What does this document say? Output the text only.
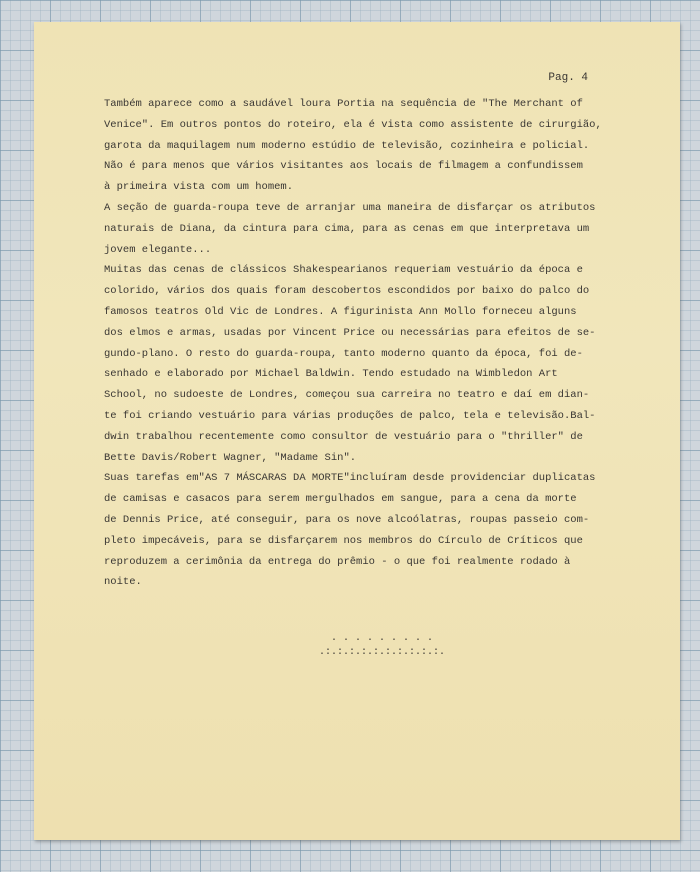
Pag. 4
Também aparece como a saudável loura Portia na sequência de "The Merchant of
Venice". Em outros pontos do roteiro, ela é vista como assistente de cirurgião,
garota da maquilagem num moderno estúdio de televisão, cozinheira e policial.
Não é para menos que vários visitantes aos locais de filmagem a confundissem
à primeira vista com um homem.
A seção de guarda-roupa teve de arranjar uma maneira de disfarçar os atributos
naturais de Diana, da cintura para cima, para as cenas em que interpretava um
jovem elegante...
Muitas das cenas de clássicos Shakespearianos requeriam vestuário da época e
colorido, vários dos quais foram descobertos escondidos por baixo do palco do
famosos teatros Old Vic de Londres. A figurinista Ann Mollo forneceu alguns
dos elmos e armas, usadas por Vincent Price ou necessárias para efeitos de se-
gundo-plano. O resto do guarda-roupa, tanto moderno quanto da época, foi de-
senhado e elaborado por Michael Baldwin. Tendo estudado na Wimbledon Art
School, no sudoeste de Londres, começou sua carreira no teatro e daí em dian-
te foi criando vestuário para várias produções de palco, tela e televisão.Bal-
dwin trabalhou recentemente como consultor de vestuário para o "thriller" de
Bette Davis/Robert Wagner, "Madame Sin".
Suas tarefas em"AS 7 MÁSCARAS DA MORTE"incluíram desde providenciar duplicatas
de camisas e casacos para serem mergulhados em sangue, para a cena da morte
de Dennis Price, até conseguir, para os nove alcoólatras, roupas passeio com-
pleto impecáveis, para se disfarçarem nos membros do Círculo de Críticos que
reproduzem a cerimônia da entrega do prêmio - o que foi realmente rodado à
noite.
. . . . . . . . .
.:.:.:.:.:.:.:.:.:.:.
